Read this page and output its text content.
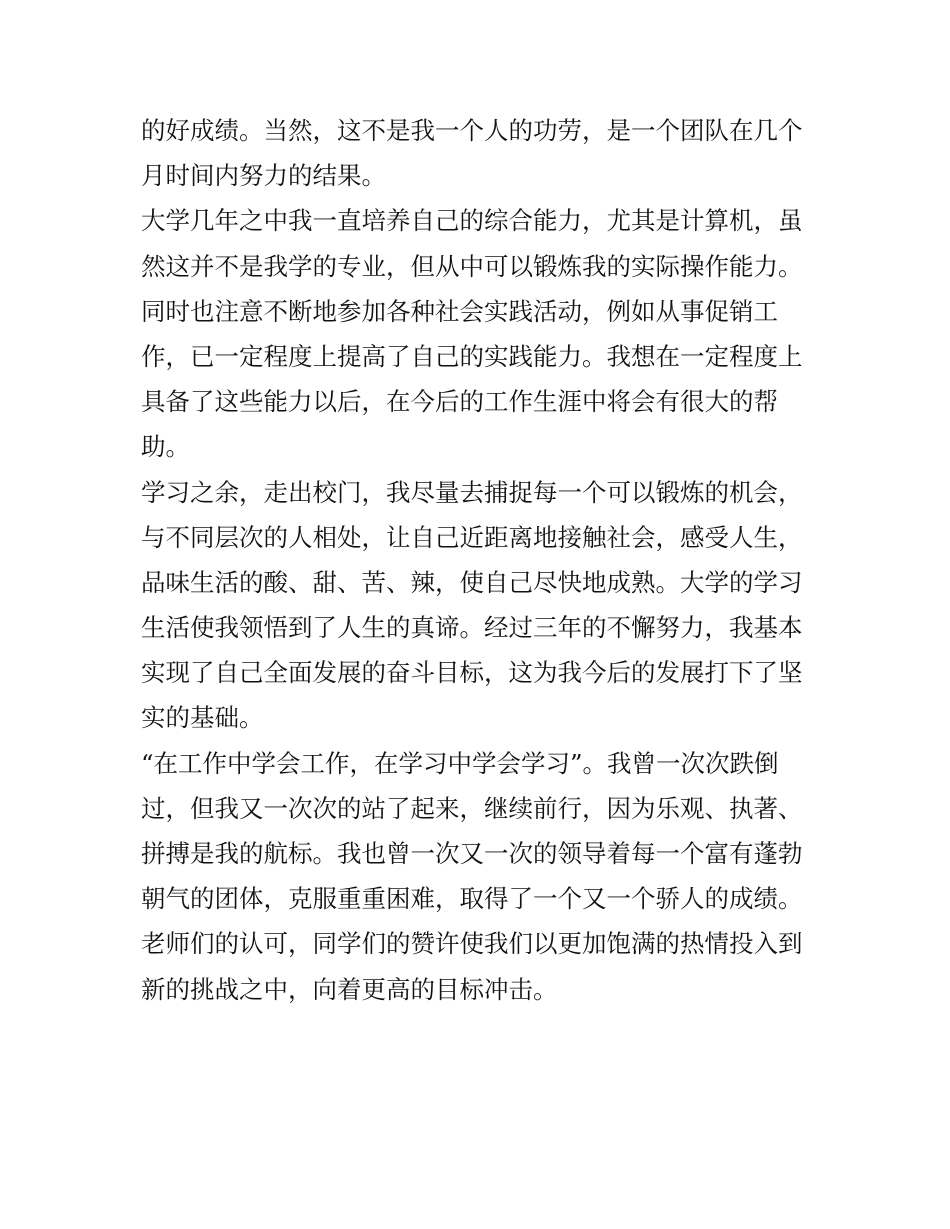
的好成绩。当然，这不是我一个人的功劳，是一个团队在几个
月时间内努力的结果。
大学几年之中我一直培养自己的综合能力，尤其是计算机，虽
然这并不是我学的专业，但从中可以锻炼我的实际操作能力。
同时也注意不断地参加各种社会实践活动，例如从事促销工
作，已一定程度上提高了自己的实践能力。我想在一定程度上
具备了这些能力以后，在今后的工作生涯中将会有很大的帮
助。
学习之余，走出校门，我尽量去捕捉每一个可以锻炼的机会，
与不同层次的人相处，让自己近距离地接触社会，感受人生，
品味生活的酸、甜、苦、辣，使自己尽快地成熟。大学的学习
生活使我领悟到了人生的真谛。经过三年的不懈努力，我基本
实现了自己全面发展的奋斗目标，这为我今后的发展打下了坚
实的基础。
“在工作中学会工作，在学习中学会学习”。我曾一次次跌倒
过，但我又一次次的站了起来，继续前行，因为乐观、执著、
拼搏是我的航标。我也曾一次又一次的领导着每一个富有蓬勃
朝气的团体，克服重重困难，取得了一个又一个骄人的成绩。
老师们的认可，同学们的赞许使我们以更加饱满的热情投入到
新的挑战之中，向着更高的目标冲击。
